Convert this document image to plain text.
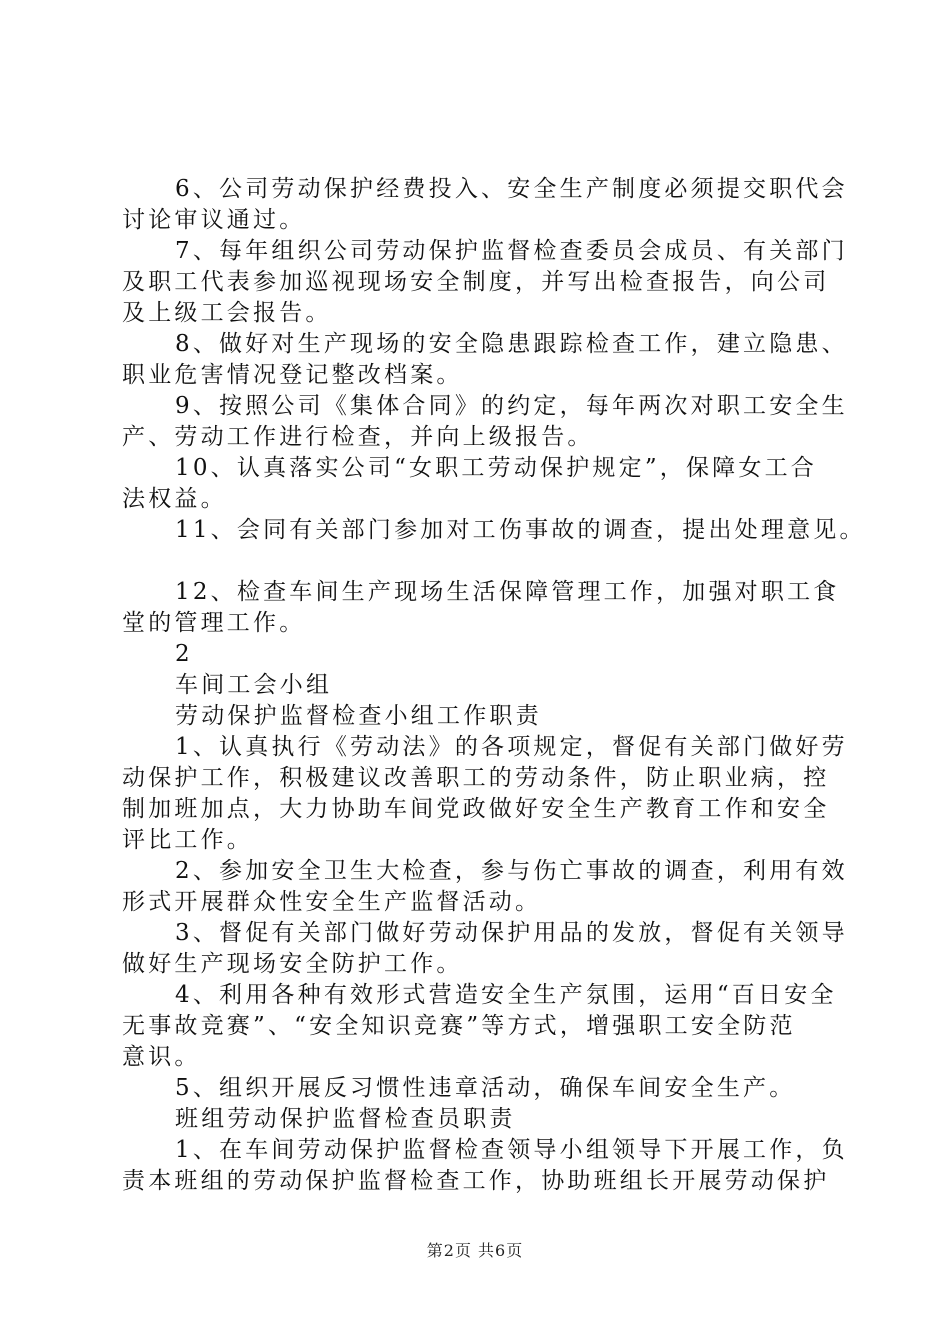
6、公司劳动保护经费投入、安全生产制度必须提交职代会
讨论审议通过。
7、每年组织公司劳动保护监督检查委员会成员、有关部门
及职工代表参加巡视现场安全制度，并写出检查报告，向公司
及上级工会报告。
8、做好对生产现场的安全隐患跟踪检查工作，建立隐患、
职业危害情况登记整改档案。
9、按照公司《集体合同》的约定，每年两次对职工安全生
产、劳动工作进行检查，并向上级报告。
10、认真落实公司“女职工劳动保护规定”，保障女工合
法权益。
11、会同有关部门参加对工伤事故的调查，提出处理意见。
12、检查车间生产现场生活保障管理工作，加强对职工食
堂的管理工作。
2
车间工会小组
劳动保护监督检查小组工作职责
1、认真执行《劳动法》的各项规定，督促有关部门做好劳
动保护工作，积极建议改善职工的劳动条件，防止职业病，控
制加班加点，大力协助车间党政做好安全生产教育工作和安全
评比工作。
2、参加安全卫生大检查，参与伤亡事故的调查，利用有效
形式开展群众性安全生产监督活动。
3、督促有关部门做好劳动保护用品的发放，督促有关领导
做好生产现场安全防护工作。
4、利用各种有效形式营造安全生产氛围，运用“百日安全
无事故竞赛”、“安全知识竞赛”等方式，增强职工安全防范
意识。
5、组织开展反习惯性违章活动，确保车间安全生产。
班组劳动保护监督检查员职责
1、在车间劳动保护监督检查领导小组领导下开展工作，负
责本班组的劳动保护监督检查工作，协助班组长开展劳动保护
第2页 共6页
